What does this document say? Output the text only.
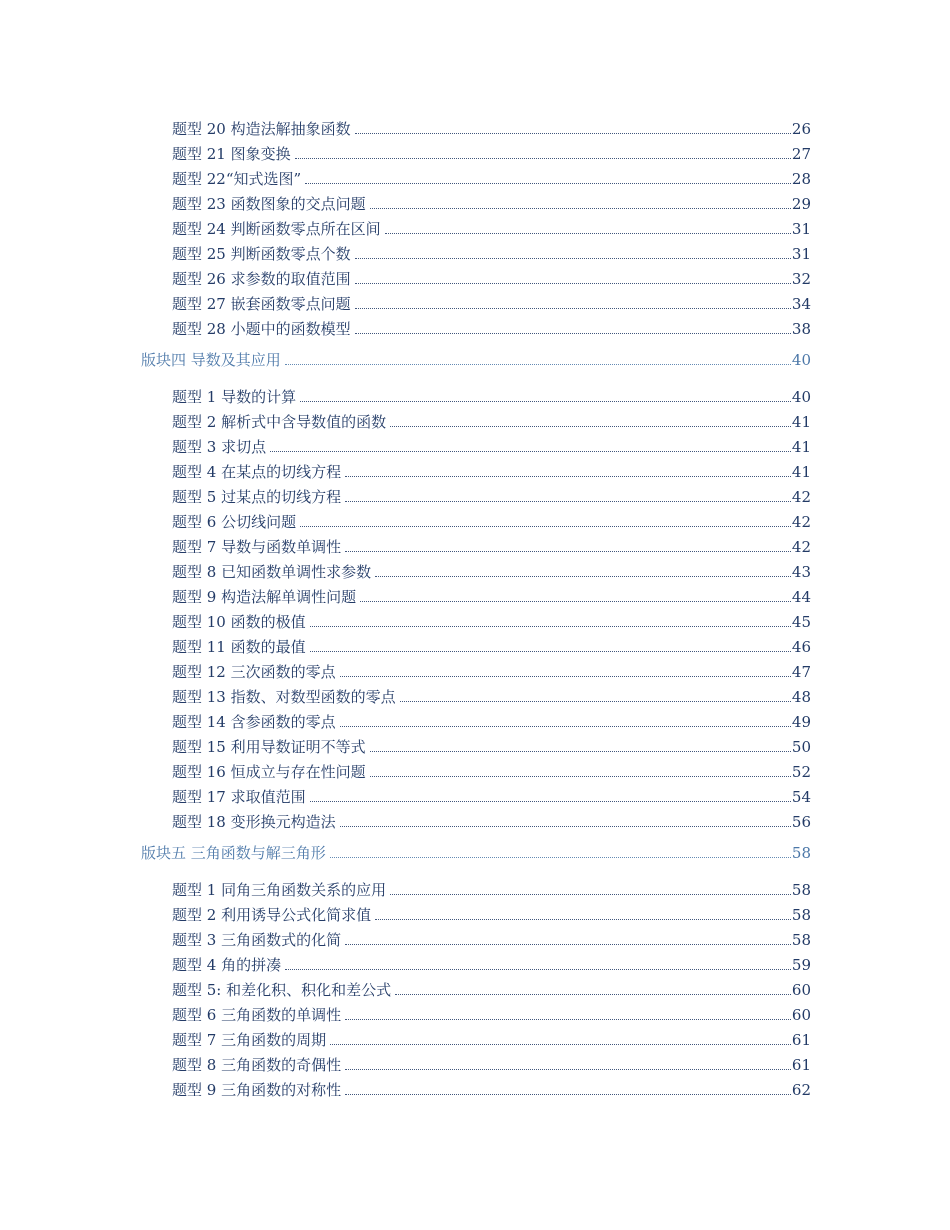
题型 20 构造法解抽象函数	26
题型 21 图象变换	27
题型 22“知式选图”	28
题型 23 函数图象的交点问题	29
题型 24 判断函数零点所在区间	31
题型 25 判断函数零点个数	31
题型 26 求参数的取值范围	32
题型 27 嵌套函数零点问题	34
题型 28 小题中的函数模型	38
版块四 导数及其应用	40
题型 1 导数的计算	40
题型 2 解析式中含导数值的函数	41
题型 3 求切点	41
题型 4 在某点的切线方程	41
题型 5 过某点的切线方程	42
题型 6 公切线问题	42
题型 7 导数与函数单调性	42
题型 8 已知函数单调性求参数	43
题型 9 构造法解单调性问题	44
题型 10 函数的极值	45
题型 11 函数的最值	46
题型 12 三次函数的零点	47
题型 13 指数、对数型函数的零点	48
题型 14 含参函数的零点	49
题型 15 利用导数证明不等式	50
题型 16 恒成立与存在性问题	52
题型 17 求取值范围	54
题型 18 变形换元构造法	56
版块五 三角函数与解三角形	58
题型 1 同角三角函数关系的应用	58
题型 2 利用诱导公式化简求值	58
题型 3 三角函数式的化简	58
题型 4 角的拼凑	59
题型 5: 和差化积、积化和差公式	60
题型 6 三角函数的单调性	60
题型 7 三角函数的周期	61
题型 8 三角函数的奇偶性	61
题型 9 三角函数的对称性	62
